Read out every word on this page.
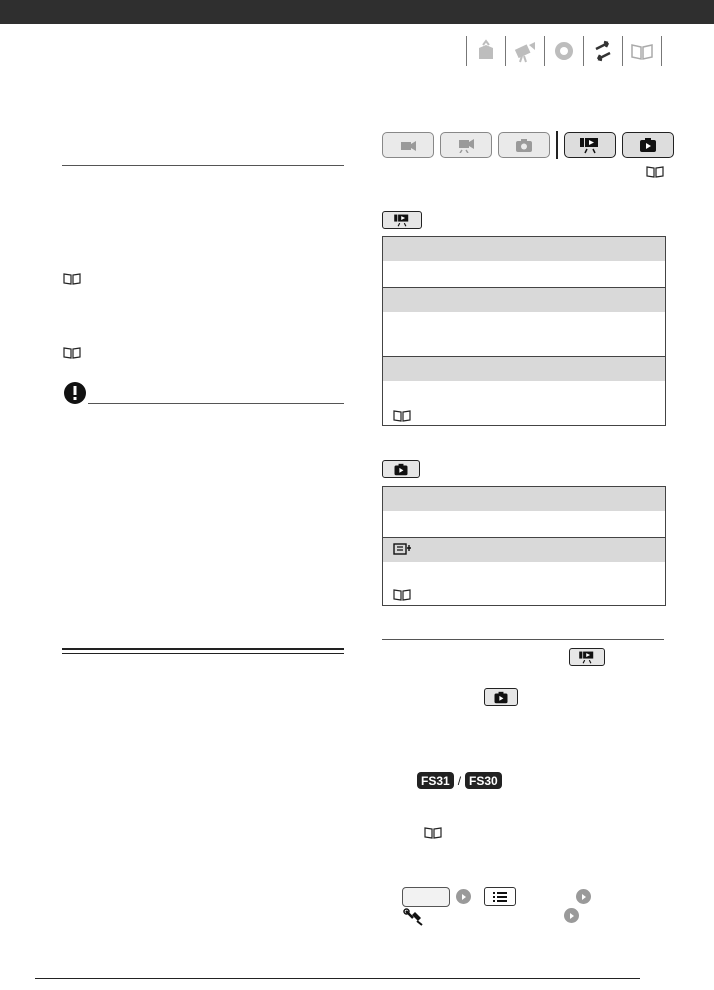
FS31 / FS30
